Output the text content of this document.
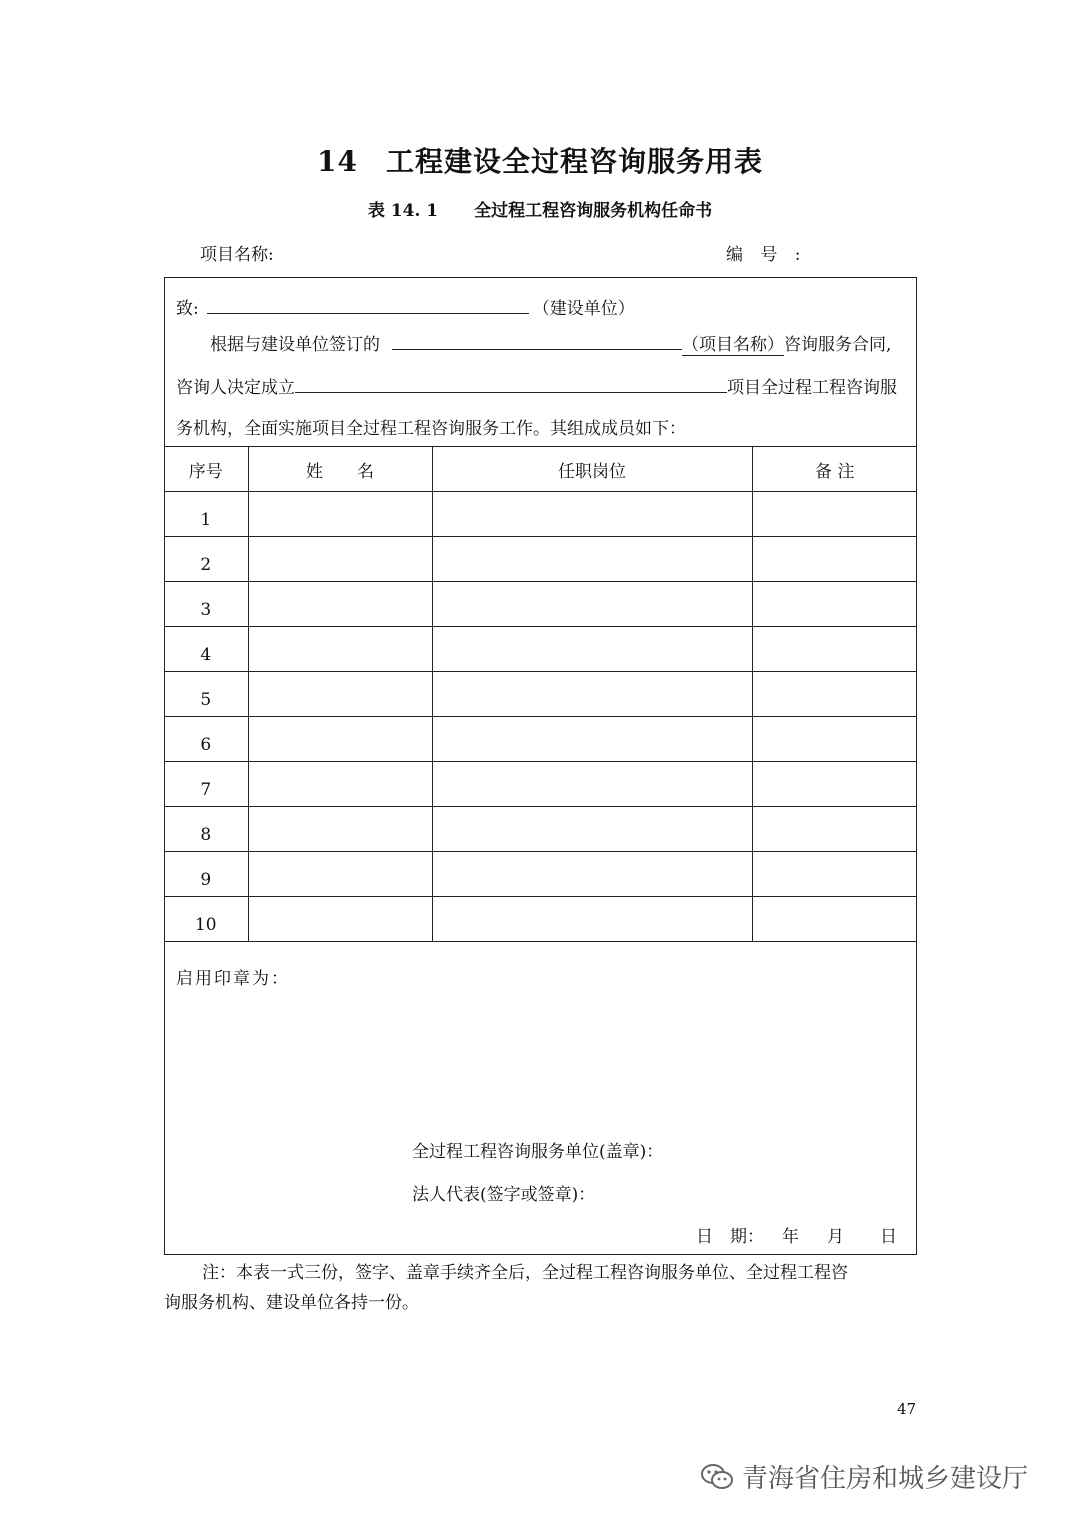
14 工程建设全过程咨询服务用表
表 14. 1 全过程工程咨询服务机构任命书
项目名称:	编 号 :
致:	（建设单位）
根据与建设单位签订的	（项目名称）咨询服务合同,
咨询人决定成立	项目全过程工程咨询服
务机构，全面实施项目全过程工程咨询服务工作。其组成成员如下：
序号	姓　　名	任职岗位	备 注
1			
2			
3			
4			
5			
6			
7			
8			
9			
10			
启用印章为：
全过程工程咨询服务单位(盖章)：
法人代表(签字或签章)：
日　期： 年 月 日
注：本表一式三份，签字、盖章手续齐全后，全过程工程咨询服务单位、全过程工程咨
询服务机构、建设单位各持一份。
47
青海省住房和城乡建设厅
